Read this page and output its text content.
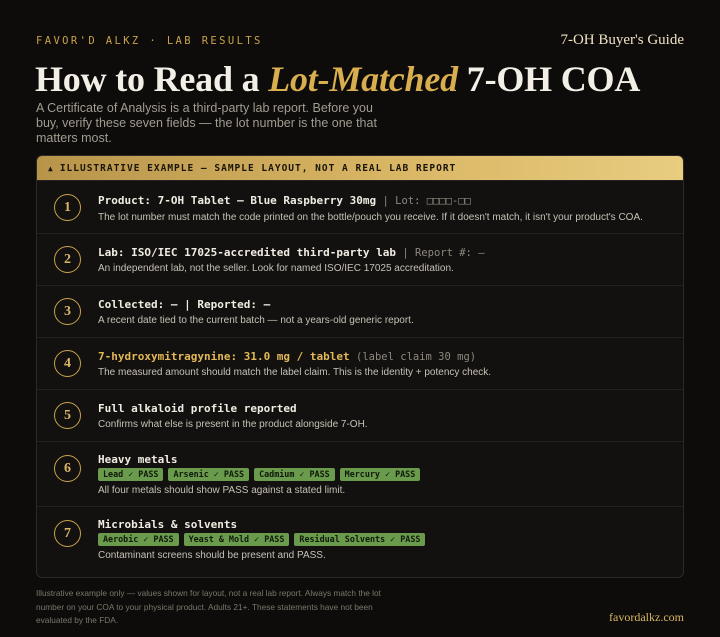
FAVOR'D ALKZ · LAB RESULTS	7-OH Buyer's Guide
How to Read a Lot-Matched 7-OH COA

A Certificate of Analysis is a third-party lab report. Before you buy, verify these seven fields — the lot number is the one that matters most.

▲ ILLUSTRATIVE EXAMPLE — SAMPLE LAYOUT, NOT A REAL LAB REPORT
1	Product: 7-OH Tablet — Blue Raspberry 30mg | Lot: □□□□-□□
The lot number must match the code printed on the bottle/pouch you receive. If it doesn't match, it isn't your product's COA.
2	Lab: ISO/IEC 17025-accredited third-party lab | Report #: —
An independent lab, not the seller. Look for named ISO/IEC 17025 accreditation.
3	Collected: — | Reported: —
A recent date tied to the current batch — not a years-old generic report.
4	7-hydroxymitragynine: 31.0 mg / tablet (label claim 30 mg)
The measured amount should match the label claim. This is the identity + potency check.
5	Full alkaloid profile reported
Confirms what else is present in the product alongside 7-OH.
6
Heavy metals
Lead ✓ PASS	Arsenic ✓ PASS	Cadmium ✓ PASS	Mercury ✓ PASS
All four metals should show PASS against a stated limit.
7
Microbials & solvents
Aerobic ✓ PASS	Yeast & Mold ✓ PASS	Residual Solvents ✓ PASS
Contaminant screens should be present and PASS.

Illustrative example only — values shown for layout, not a real lab report. Always match the lot number on your COA to your physical product. Adults 21+. These statements have not been evaluated by the FDA.	favordalkz.com
